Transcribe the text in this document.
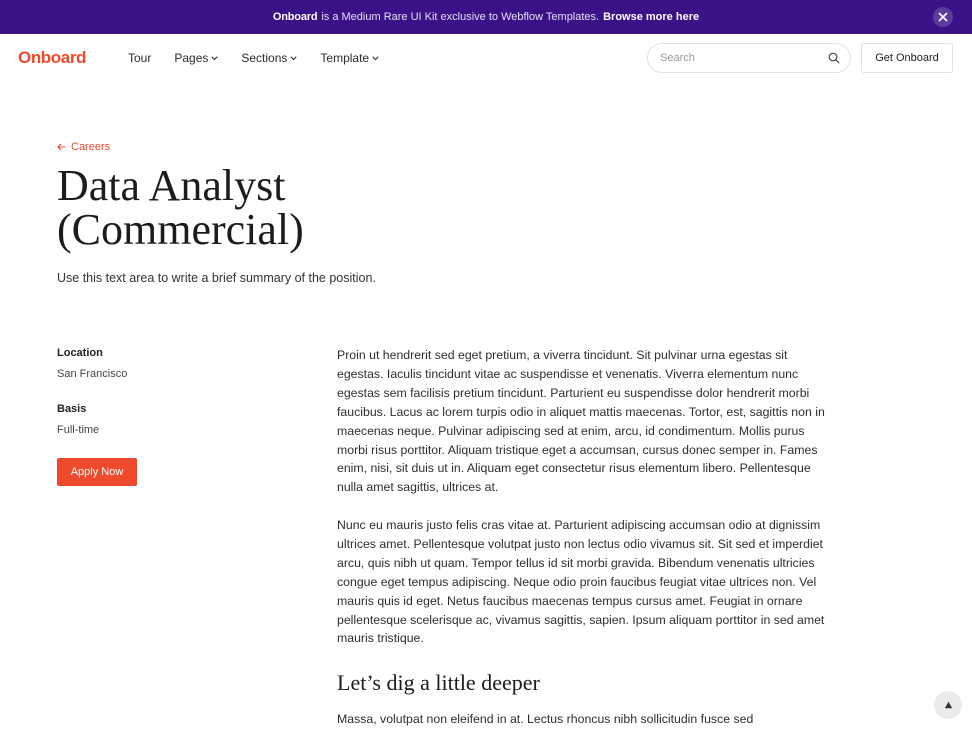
Onboard is a Medium Rare UI Kit exclusive to Webflow Templates. Browse more here
Onboard	Tour Pages	Sections	Template
Search	Get Onboard
Careers
Data Analyst
(Commercial)
Use this text area to write a brief summary of the position.
Location
San Francisco
Basis
Full-time
Apply Now

Proin ut hendrerit sed eget pretium, a viverra tincidunt. Sit pulvinar urna egestas sit egestas. Iaculis tincidunt vitae ac suspendisse et venenatis. Viverra elementum nunc egestas sem facilisis pretium tincidunt. Parturient eu suspendisse dolor hendrerit morbi faucibus. Lacus ac lorem turpis odio in aliquet mattis maecenas. Tortor, est, sagittis non in maecenas neque. Pulvinar adipiscing sed at enim, arcu, id condimentum. Mollis purus morbi risus porttitor. Aliquam tristique eget a accumsan, cursus donec semper in. Fames enim, nisi, sit duis ut in. Aliquam eget consectetur risus elementum libero. Pellentesque nulla amet sagittis, ultrices at.

Nunc eu mauris justo felis cras vitae at. Parturient adipiscing accumsan odio at dignissim ultrices amet. Pellentesque volutpat justo non lectus odio vivamus sit. Sit sed et imperdiet arcu, quis nibh ut quam. Tempor tellus id sit morbi gravida. Bibendum venenatis ultricies congue eget tempus adipiscing. Neque odio proin faucibus feugiat vitae ultrices non. Vel mauris quis id eget. Netus faucibus maecenas tempus cursus amet. Feugiat in ornare pellentesque scelerisque ac, vivamus sagittis, sapien. Ipsum aliquam porttitor in sed amet mauris tristique.

Let’s dig a little deeper

Massa, volutpat non eleifend in at. Lectus rhoncus nibh sollicitudin fusce sed
